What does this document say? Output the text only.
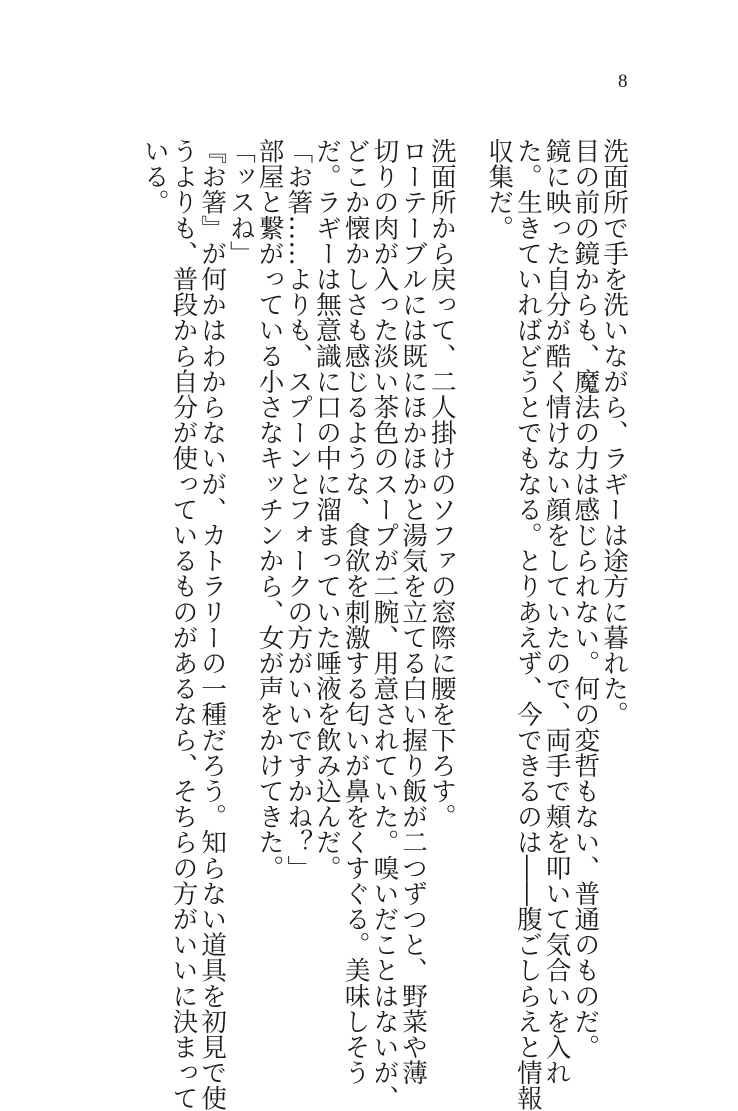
8
洗面所で手を洗いながら、ラギーは途方に暮れた。
目の前の鏡からも、魔法の力は感じられない。何の変哲もない、普通のものだ。
鏡に映った自分が酷く情けない顔をしていたので、両手で頬を叩いて気合いを入れ
た。生きていればどうとでもなる。とりあえず、今できるのは――腹ごしらえと情報
収集だ。
洗面所から戻って、二人掛けのソファの窓際に腰を下ろす。
ローテーブルには既にほかほかと湯気を立てる白い握り飯が二つずつと、野菜や薄
切りの肉が入った淡い茶色のスープが二腕、用意されていた。嗅いだことはないが、
どこか懐かしさも感じるような、食欲を刺激する匂いが鼻をくすぐる。美味しそう
だ。ラギーは無意識に口の中に溜まっていた唾液を飲み込んだ。
「お箸……よりも、スプーンとフォークの方がいいですかね？」
部屋と繋がっている小さなキッチンから、女が声をかけてきた。
「ッスね」
『お箸』が何かはわからないが、カトラリーの一種だろう。知らない道具を初見で使
うよりも、普段から自分が使っているものがあるなら、そちらの方がいいに決まって
いる。
